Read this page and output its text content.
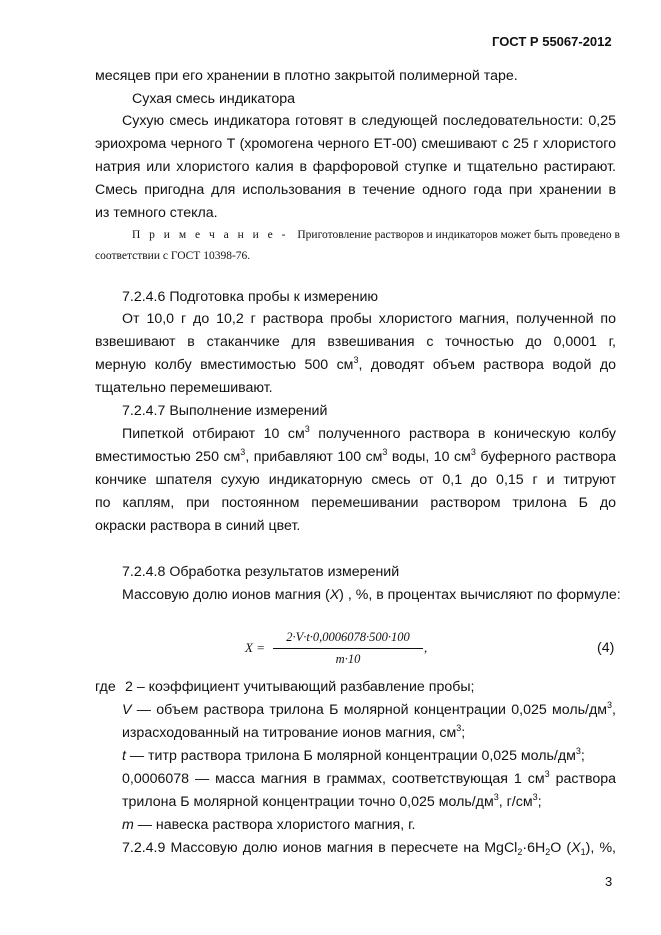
ГОСТ Р 55067-2012
месяцев при его хранении в плотно закрытой полимерной таре.
Сухая смесь индикатора
Сухую смесь индикатора готовят в следующей последовательности: 0,25
эриохрома черного Т (хромогена черного ЕТ-00) смешивают с 25 г хлористого
натрия или хлористого калия в фарфоровой ступке и тщательно растирают.
Смесь пригодна для использования в течение одного года при хранении в
из темного стекла.
П р и м е ч а н и е - Приготовление растворов и индикаторов может быть проведено в
соответствии с ГОСТ 10398-76.
7.2.4.6 Подготовка пробы к измерению
От 10,0 г до 10,2 г раствора пробы хлористого магния, полученной по
взвешивают в стаканчике для взвешивания с точностью до 0,0001 г,
мерную колбу вместимостью 500 $см^3$, доводят объем раствора водой до
тщательно перемешивают.
7.2.4.7 Выполнение измерений
Пипеткой отбирают 10 $см^3$ полученного раствора в коническую колбу
вместимостью 250 $см^3$, прибавляют 100 $см^3$ воды, 10 $см^3$ буферного раствора
кончике шпателя сухую индикаторную смесь от 0,1 до 0,15 г и титруют
по каплям, при постоянном перемешивании раствором трилона Б до
окраски раствора в синий цвет.
7.2.4.8 Обработка результатов измерений
Массовую долю ионов магния (X) , %, в процентах вычисляют по формуле:
X =
2·V·t·0,0006078·500·100
m·10
,	(4)
где 2 – коэффициент учитывающий разбавление пробы;
V — объем раствора трилона Б молярной концентрации 0,025 моль/$дм^3$,
израсходованный на титрование ионов магния, $см^3$;
t — титр раствора трилона Б молярной концентрации 0,025 моль/$дм^3$;
0,0006078 — масса магния в граммах, соответствующая 1 $см^3$ раствора
трилона Б молярной концентрации точно 0,025 моль/$дм^3$, $г/см^3$;
m — навеска раствора хлористого магния, г.
7.2.4.9 Массовую долю ионов магния в пересчете на $MgCl_2\cdot 6H_2O$ $(X_1)$, %,
3
